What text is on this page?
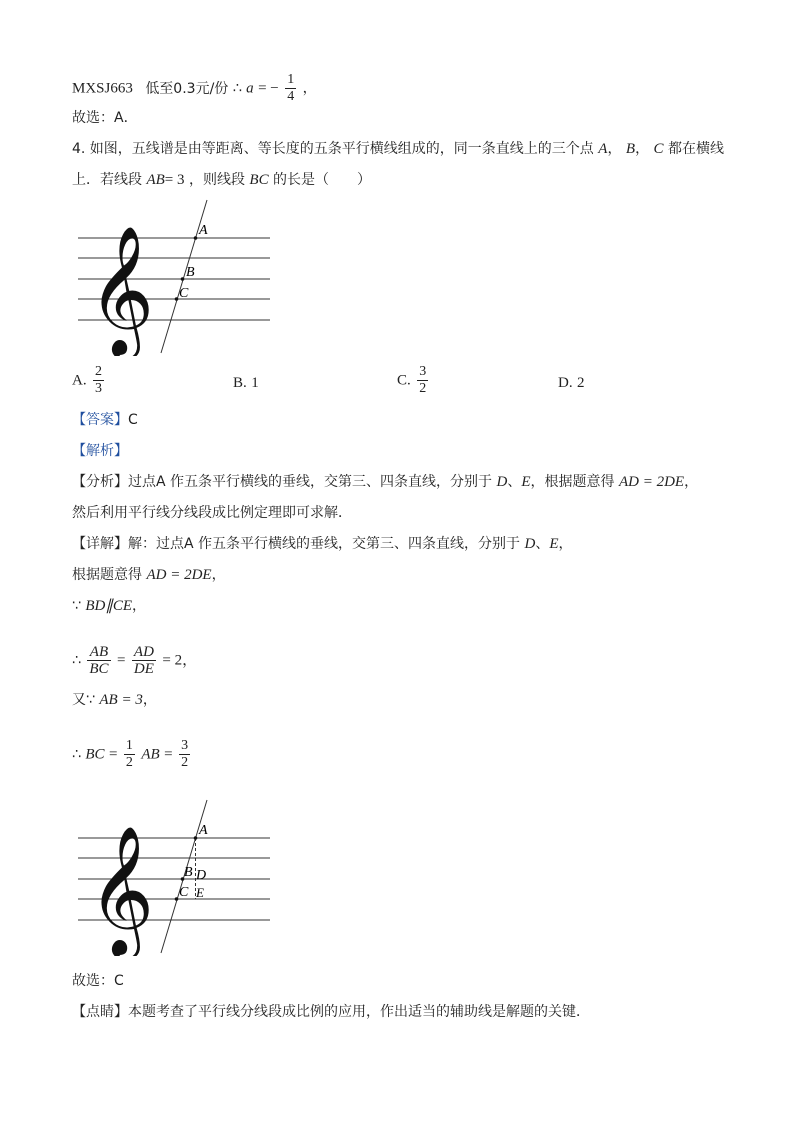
MXSJ663 低至0.3元/份 ∴ a = − $\frac{1}{4}$ ，
故选：A．
4. 如图，五线谱是由等距离、等长度的五条平行横线组成的，同一条直线上的三个点 A， B， C 都在横线
上．若线段 AB= 3 ，则线段 BC 的长是（　　）
𝄞	A
B
C
A. $\frac{2}{3}$	B. 1	C. $\frac{3}{2}$	D. 2
【答案】C
【解析】
【分析】过点A 作五条平行横线的垂线，交第三、四条直线，分别于 D、E，根据题意得 AD = 2DE，
然后利用平行线分线段成比例定理即可求解．
【详解】解：过点A 作五条平行横线的垂线，交第三、四条直线，分别于 D、E，
根据题意得 AD = 2DE，
∵ BD∥CE，
∴ $\frac{AB}{BC} = \frac{AD}{DE} = 2$，
又∵ AB = 3，
∴ BC = $\frac{1}{2}$ AB = $\frac{3}{2}$
𝄞	A
B D
C E
故选：C
【点睛】本题考查了平行线分线段成比例的应用，作出适当的辅助线是解题的关键．
